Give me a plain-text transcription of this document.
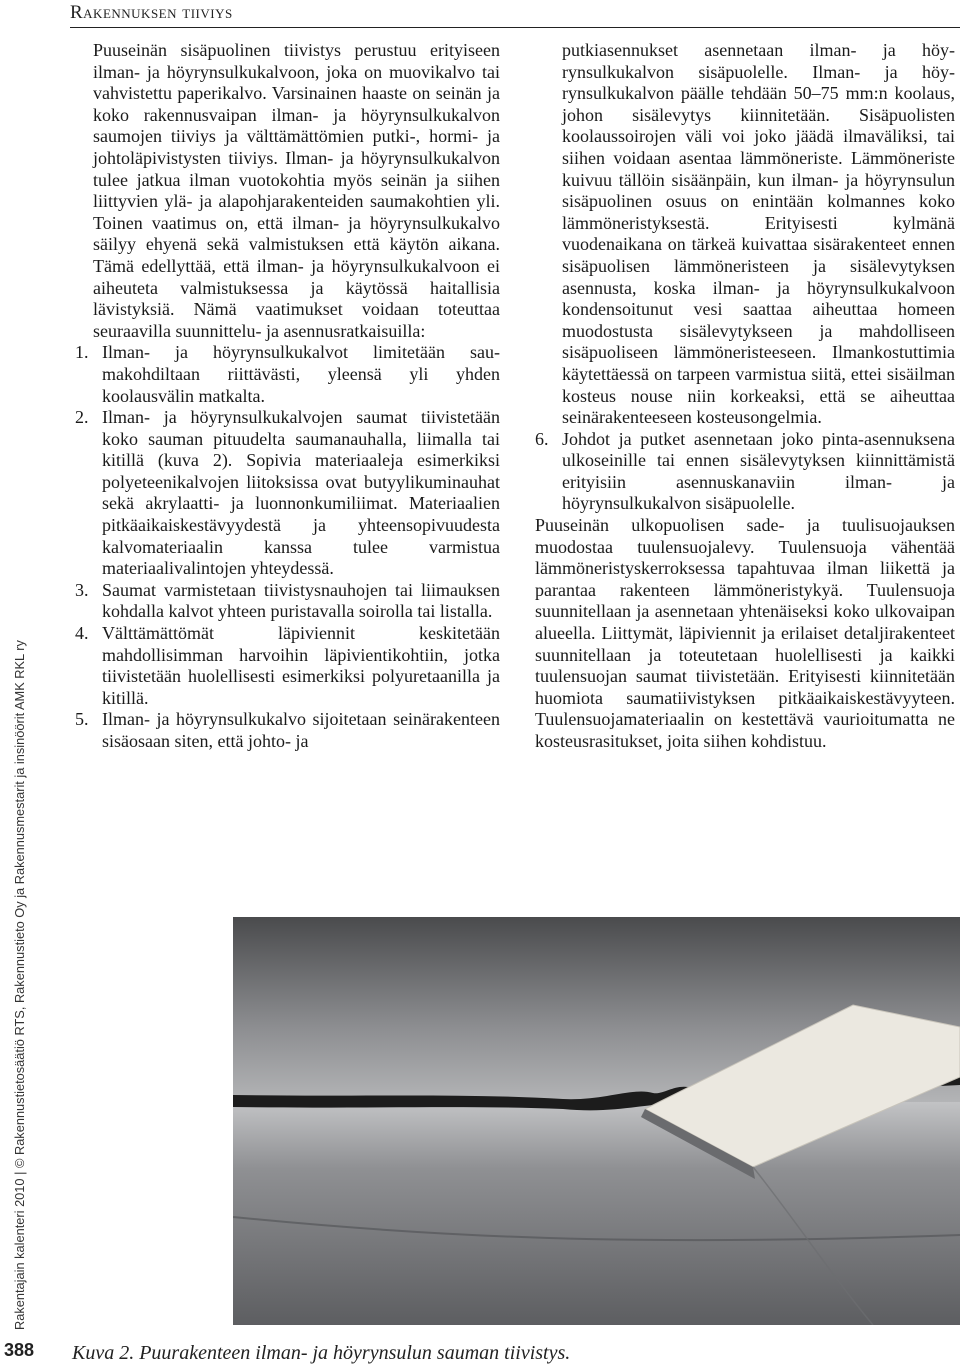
Rakennuksen tiiviys
Rakentajain kalenteri 2010 | © Rakennustietosäätiö RTS, Rakennustieto Oy ja Rakennusmestarit ja insinöörit AMK RKL ry

Puuseinän sisäpuolinen tiivistys perustuu erityiseen ilman- ja höyrynsulkukalvoon, joka on muovikalvo tai vahvistettu paperikalvo. Varsinainen haaste on seinän ja koko rakennusvaipan ilman- ja höyrynsulkukalvon saumojen tiiviys ja välttämättömien putki-, hormi- ja johtoläpivistysten tiiviys. Ilman- ja höyrynsulkukalvon tulee jatkua ilman vuotokohtia myös seinän ja siihen liittyvien ylä- ja alapohjarakenteiden saumakohtien yli. Toinen vaatimus on, että ilman- ja höyrynsulkukalvo säilyy ehyenä sekä valmistuksen että käytön aikana. Tämä edellyttää, että ilman- ja höyrynsulkukalvoon ei aiheuteta valmistuksessa ja käytössä haitallisia lävistyksiä. Nämä vaatimukset voidaan toteuttaa seuraavilla suunnittelu- ja asennusratkaisuilla:

1. Ilman- ja höyrynsulkukalvot limitetään saumakohdiltaan riittävästi, yleensä yli yhden koolausvälin matkalta.
2. Ilman- ja höyrynsulkukalvojen saumat tiivistetään koko sauman pituudelta saumanauhalla, liimalla tai kitillä (kuva 2). Sopivia materiaaleja esimerkiksi polyeteenikalvojen liitoksissa ovat butyylikuminauhat sekä akrylaatti- ja luonnonkumiliimat. Materiaalien pitkäaikaiskestävyydestä ja yhteensopivuudesta kalvomateriaalin kanssa tulee varmistua materiaalivalintojen yhteydessä.
3. Saumat varmistetaan tiivistysnauhojen tai liimauksen kohdalla kalvot yhteen puristavalla soirolla tai listalla.
4. Välttämättömät läpiviennit keskitetään mahdollisimman harvoihin läpivientikohtiin, jotka tiivistetään huolellisesti esimerkiksi polyuretaanilla ja kitillä.
5. Ilman- ja höyrynsulkukalvo sijoitetaan seinärakenteen sisäosaan siten, että johto- ja

putkiasennukset asennetaan ilman- ja höyrynsulkukalvon sisäpuolelle. Ilman- ja höyrynsulkukalvon päälle tehdään 50–75 mm:n koolaus, johon sisälevytys kiinnitetään. Sisäpuolisten koolaussoirojen väli voi joko jäädä ilmaväliksi, tai siihen voidaan asentaa lämmöneriste. Lämmöneriste kuivuu tällöin sisäänpäin, kun ilman- ja höyrynsulun sisäpuolinen osuus on enintään kolmannes koko lämmöneristyksestä. Erityisesti kylmänä vuodenaikana on tärkeä kuivattaa sisärakenteet ennen sisäpuolisen lämmöneristeen ja sisälevytyksen asennusta, koska ilman- ja höyrynsulkukalvoon kondensoitunut vesi saattaa aiheuttaa homeen muodostusta sisälevytykseen ja mahdolliseen sisäpuoliseen lämmöneristeeseen. Ilmankostuttimia käytettäessä on tarpeen varmistua siitä, ettei sisäilman kosteus nouse niin korkeaksi, että se aiheuttaa seinärakenteeseen kosteusongelmia.

6. Johdot ja putket asennetaan joko pinta-asennuksena ulkoseinille tai ennen sisälevytyksen kiinnittämistä erityisiin asennuskanaviin ilman- ja höyrynsulkukalvon sisäpuolelle.

Puuseinän ulkopuolisen sade- ja tuulisuojauksen muodostaa tuulensuojalevy. Tuulensuoja vähentää lämmöneristyskerroksessa tapahtuvaa ilman liikettä ja parantaa rakenteen lämmöneristykyä. Tuulensuoja suunnitellaan ja asennetaan yhtenäiseksi koko ulkovaipan alueella. Liittymät, läpiviennit ja erilaiset detaljirakenteet suunnitellaan ja toteutetaan huolellisesti ja kaikki tuulensuojan saumat tiivistetään. Erityisesti kiinnitetään huomiota saumatiivistyksen pitkäaikaiskestävyyteen. Tuulensuojamateriaalin on kestettävä vaurioitumatta ne kosteusrasitukset, joita siihen kohdistuu.

388 Kuva 2. Puurakenteen ilman- ja höyrynsulun sauman tiivistys.
